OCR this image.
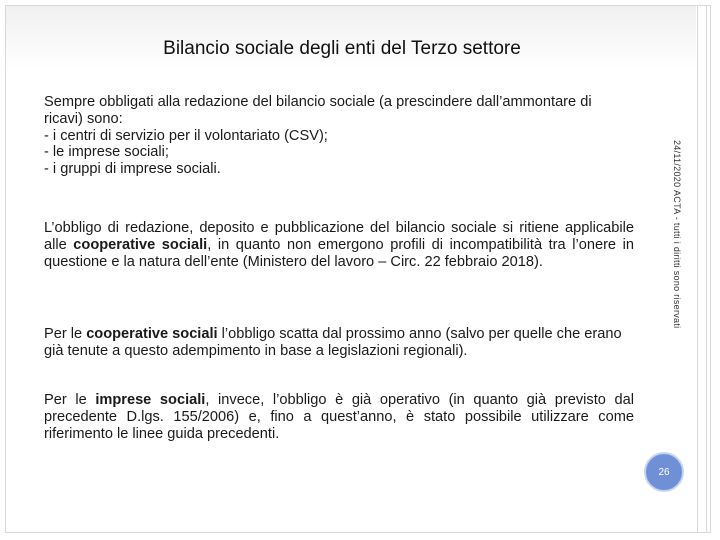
Bilancio sociale degli enti del Terzo settore
Sempre obbligati alla redazione del bilancio sociale (a prescindere dall’ammontare di ricavi) sono:
- i centri di servizio per il volontariato (CSV);
- le imprese sociali;
- i gruppi di imprese sociali.

L’obbligo di redazione, deposito e pubblicazione del bilancio sociale si ritiene applicabile alle cooperative sociali, in quanto non emergono profili di incompatibilità tra l’onere in questione e la natura dell’ente (Ministero del lavoro – Circ. 22 febbraio 2018).

Per le cooperative sociali l’obbligo scatta dal prossimo anno (salvo per quelle che erano già tenute a questo adempimento in base a legislazioni regionali).

Per le imprese sociali, invece, l’obbligo è già operativo (in quanto già previsto dal precedente D.lgs. 155/2006) e, fino a quest’anno, è stato possibile utilizzare come riferimento le linee guida precedenti.

24/11/2020
ACTA - tutti i diritti sono riservati
26
